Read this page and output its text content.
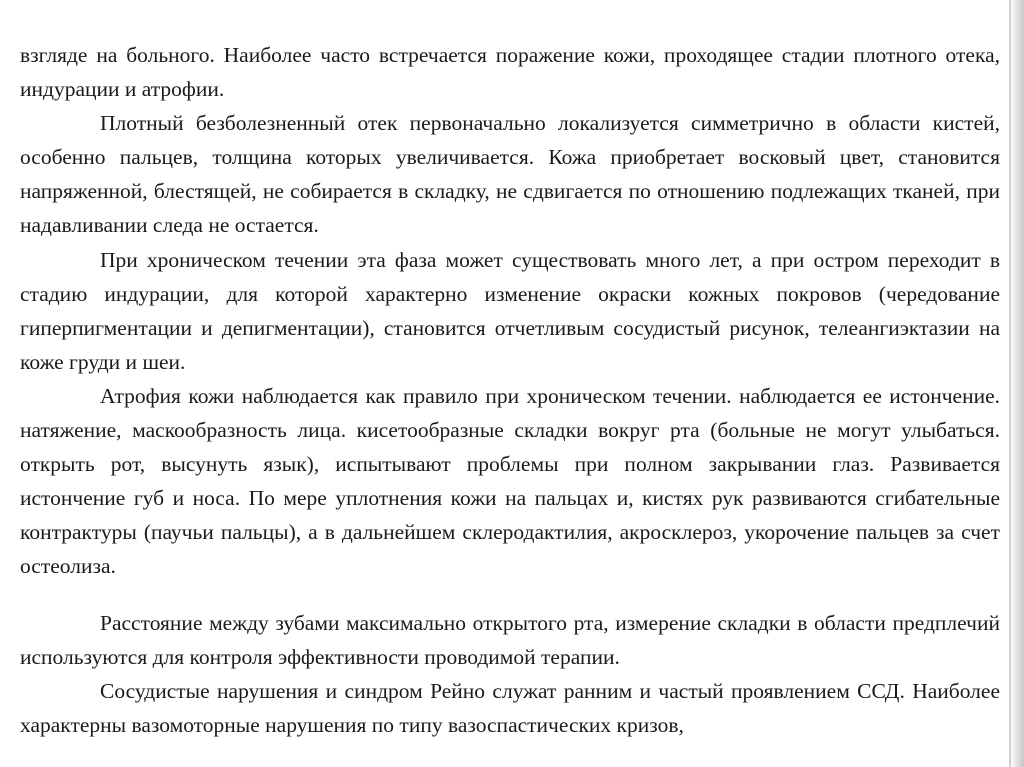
взгляде на больного. Наиболее часто встречается поражение кожи, проходящее стадии плотного отека, индурации и атрофии.

Плотный безболезненный отек первоначально локализуется симметрично в области кистей, особенно пальцев, толщина которых увеличивается. Кожа приобретает восковый цвет, становится напряженной, блестящей, не собирается в складку, не сдвигается по отношению подлежащих тканей, при надавливании следа не остается.

При хроническом течении эта фаза может существовать много лет, а при остром переходит в стадию индурации, для которой характерно изменение окраски кожных покровов (чередование гиперпигментации и депигментации), становится отчетливым сосудистый рисунок, телеангиэктазии на коже груди и шеи.

Атрофия кожи наблюдается как правило при хроническом течении. наблюдается ее истончение. натяжение, маскообразность лица. кисетообразные складки вокруг рта (больные не могут улыбаться. открыть рот, высунуть язык), испытывают проблемы при полном закрывании глаз. Развивается истончение губ и носа. По мере уплотнения кожи на пальцах и, кистях рук развиваются сгибательные контрактуры (паучьи пальцы), а в дальнейшем склеродактилия, акросклероз, укорочение пальцев за счет остеолиза.

Расстояние между зубами максимально открытого рта, измерение складки в области предплечий используются для контроля эффективности проводимой терапии.

Сосудистые нарушения и синдром Рейно служат ранним и частый проявлением ССД. Наиболее характерны вазомоторные нарушения по типу вазоспастических кризов,
